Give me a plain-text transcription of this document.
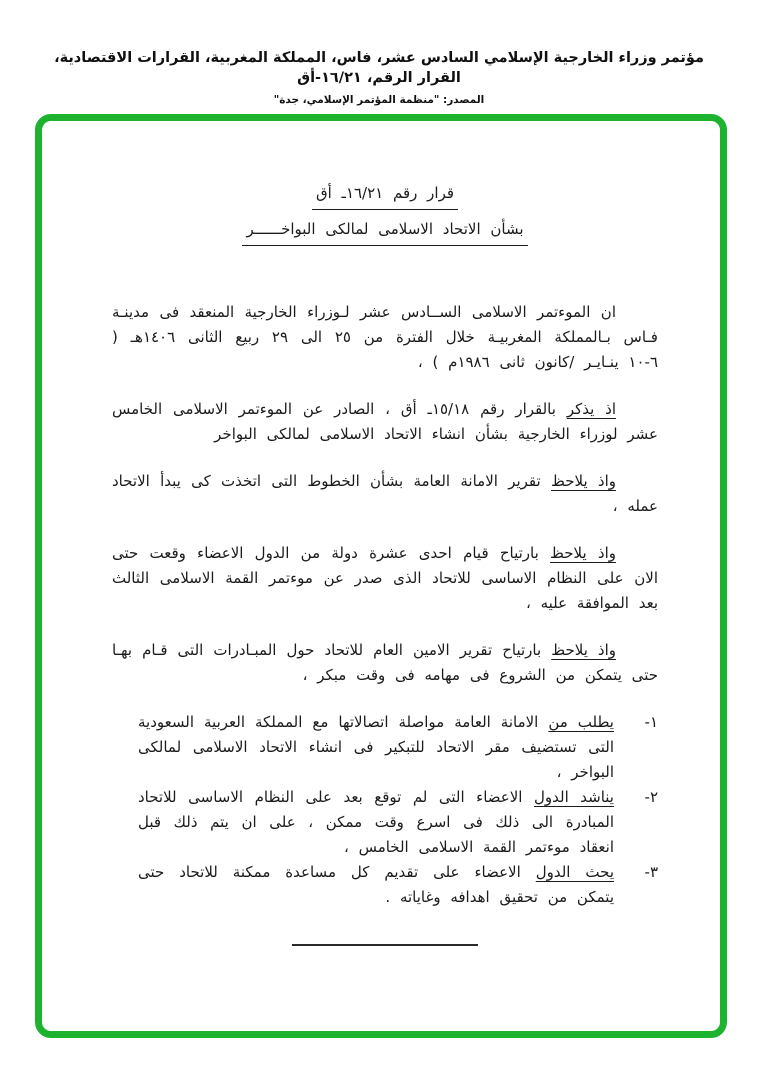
مؤتمر وزراء الخارجية الإسلامي السادس عشر، فاس، المملكة المغربية، القرارات الاقتصادية، القرار الرقم، ١٦/٢١-أق
المصدر: "منظمة المؤتمر الإسلامي، جدة"
قرار رقم ١٦/٢١ـ أق
بشأن الاتحاد الاسلامى لمالكى البواخــــــر

ان الموءتمر الاسلامى الســادس عشر لـوزراء الخارجية المنعقد فى مدينـة فـاس بـالمملكة المغربيـة خلال الفترة من ٢٥ الى ٢٩ ربيع الثانى ١٤٠٦هـ ( ٦-١٠ ينـايـر /كانون ثانى ١٩٨٦م ) ،

اذ يذكر بالقرار رقم ١٥/١٨ـ أق ، الصادر عن الموءتمر الاسلامى الخامس عشر لوزراء الخارجية بشأن انشاء الاتحاد الاسلامى لمالكى البواخر

واذ يلاحظ تقرير الامانة العامة بشأن الخطوط التى اتخذت كى يبدأ الاتحاد عمله ،

واذ يلاحظ بارتياح قيام احدى عشرة دولة من الدول الاعضاء وقعت حتى الان على النظام الاساسى للاتحاد الذى صدر عن موءتمر القمة الاسلامى الثالث بعد الموافقة عليه ،

واذ يلاحظ بارتياح تقرير الامين العام للاتحاد حول المبـادرات التى قـام بهـا حتى يتمكن من الشروع فى مهامه فى وقت مبكر ،

١-
يطلب من الامانة العامة مواصلة اتصالاتها مع المملكة العربية السعودية التى تستضيف مقر الاتحاد للتبكير فى انشاء الاتحاد الاسلامى لمالكى البواخر ،
٢-
يناشد الدول الاعضاء التى لم توقع بعد على النظام الاساسى للاتحاد المبادرة الى ذلك فى اسرع وقت ممكن ، على ان يتم ذلك قبل انعقاد موءتمر القمة الاسلامى الخامس ،
٣-
يحث الدول الاعضاء على تقديم كل مساعدة ممكنة للاتحاد حتى يتمكن من تحقيق اهدافه وغاياته .
